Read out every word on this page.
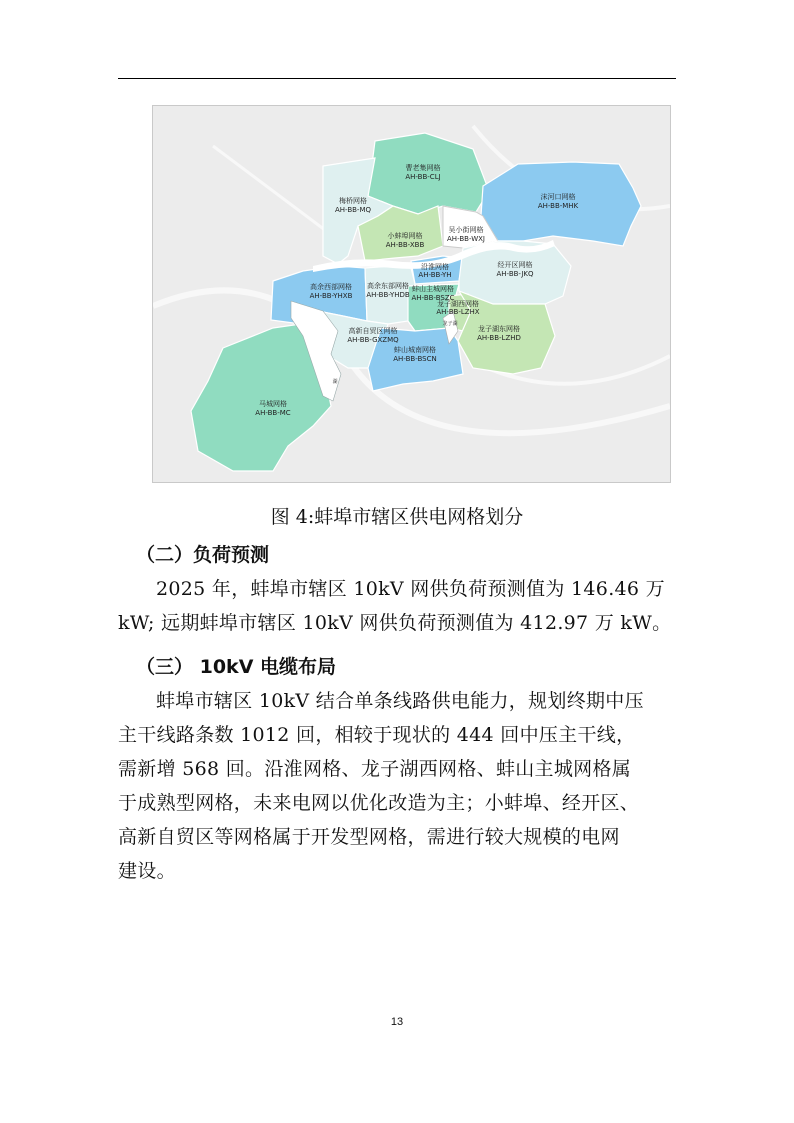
曹老集网格
AH-BB-CLJ
梅桥网格
AH-BB-MQ
沫河口网格
AH-BB-MHK
小蚌埠网格
AH-BB-XBB
吴小街网格
AH-BB-WXJ
沿淮网格
AH-BB-YH
经开区网格
AH-BB-JKQ
高余西部网格
AH-BB-YHXB
高余东部网格
AH-BB-YHDB
蚌山主城网格
AH-BB-BSZC
龙子湖西网格
AH-BB-LZHX
高新自贸区网格
AH-BB-GXZMQ
龙子湖东网格
AH-BB-LZHD
蚌山城南网格
AH-BB-BSCN
马城网格
AH-BB-MC
龙子湖
湖
图 4:蚌埠市辖区供电网格划分
（二）负荷预测
2025 年，蚌埠市辖区 10kV 网供负荷预测值为 146.46 万
kW; 远期蚌埠市辖区 10kV 网供负荷预测值为 412.97 万 kW。
（三） 10kV 电缆布局
蚌埠市辖区 10kV 结合单条线路供电能力，规划终期中压
主干线路条数 1012 回，相较于现状的 444 回中压主干线，
需新增 568 回。沿淮网格、龙子湖西网格、蚌山主城网格属
于成熟型网格，未来电网以优化改造为主；小蚌埠、经开区、
高新自贸区等网格属于开发型网格，需进行较大规模的电网
建设。
13
